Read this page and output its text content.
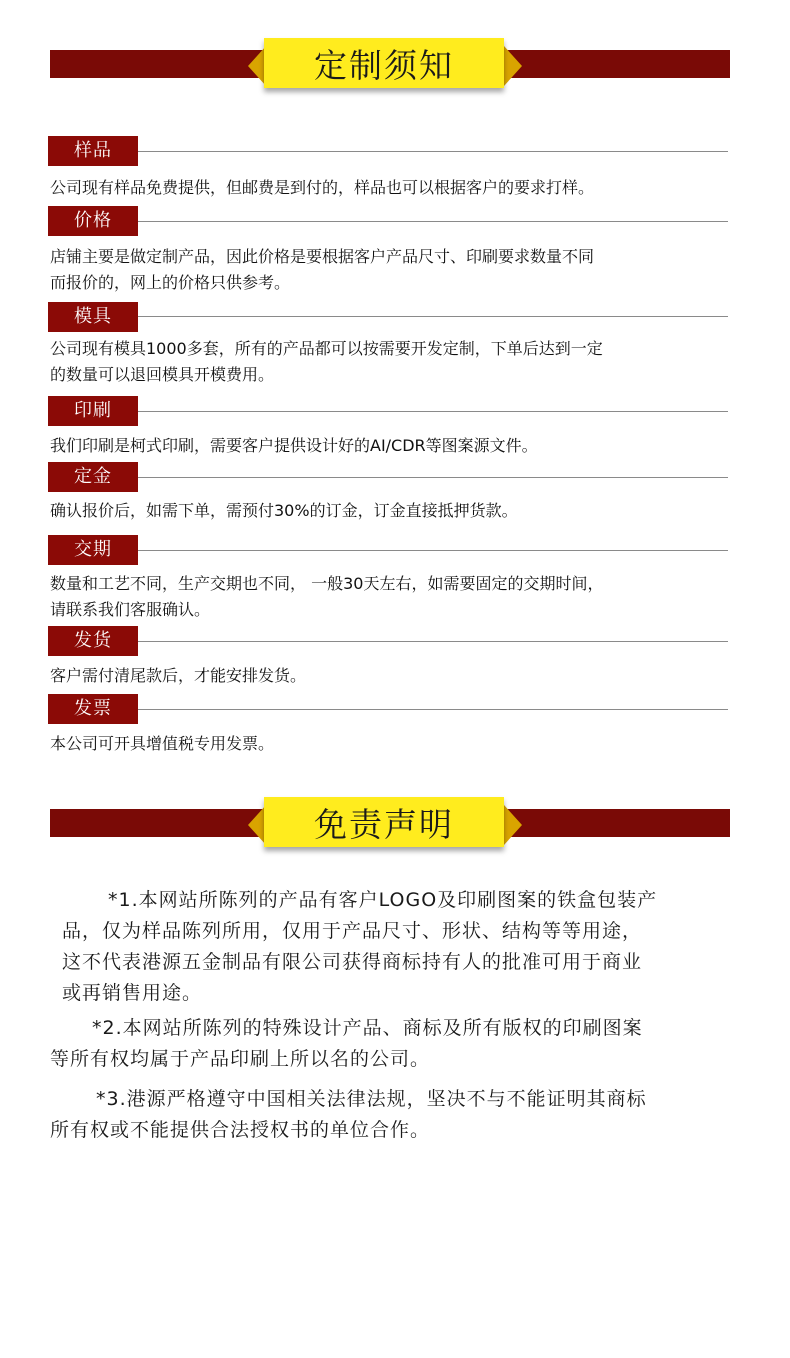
定制须知
样品
公司现有样品免费提供，但邮费是到付的，样品也可以根据客户的要求打样。
价格
店铺主要是做定制产品，因此价格是要根据客户产品尺寸、印刷要求数量不同
而报价的，网上的价格只供参考。
模具
公司现有模具1000多套，所有的产品都可以按需要开发定制，下单后达到一定
的数量可以退回模具开模费用。
印刷
我们印刷是柯式印刷，需要客户提供设计好的AI/CDR等图案源文件。
定金
确认报价后，如需下单，需预付30%的订金，订金直接抵押货款。
交期
数量和工艺不同，生产交期也不同， 一般30天左右，如需要固定的交期时间，
请联系我们客服确认。
发货
客户需付清尾款后，才能安排发货。
发票
本公司可开具增值税专用发票。
免责声明
*1.本网站所陈列的产品有客户LOGO及印刷图案的铁盒包装产
品，仅为样品陈列所用，仅用于产品尺寸、形状、结构等等用途，
这不代表港源五金制品有限公司获得商标持有人的批准可用于商业
或再销售用途。
*2.本网站所陈列的特殊设计产品、商标及所有版权的印刷图案
等所有权均属于产品印刷上所以名的公司。
*3.港源严格遵守中国相关法律法规，坚决不与不能证明其商标
所有权或不能提供合法授权书的单位合作。
